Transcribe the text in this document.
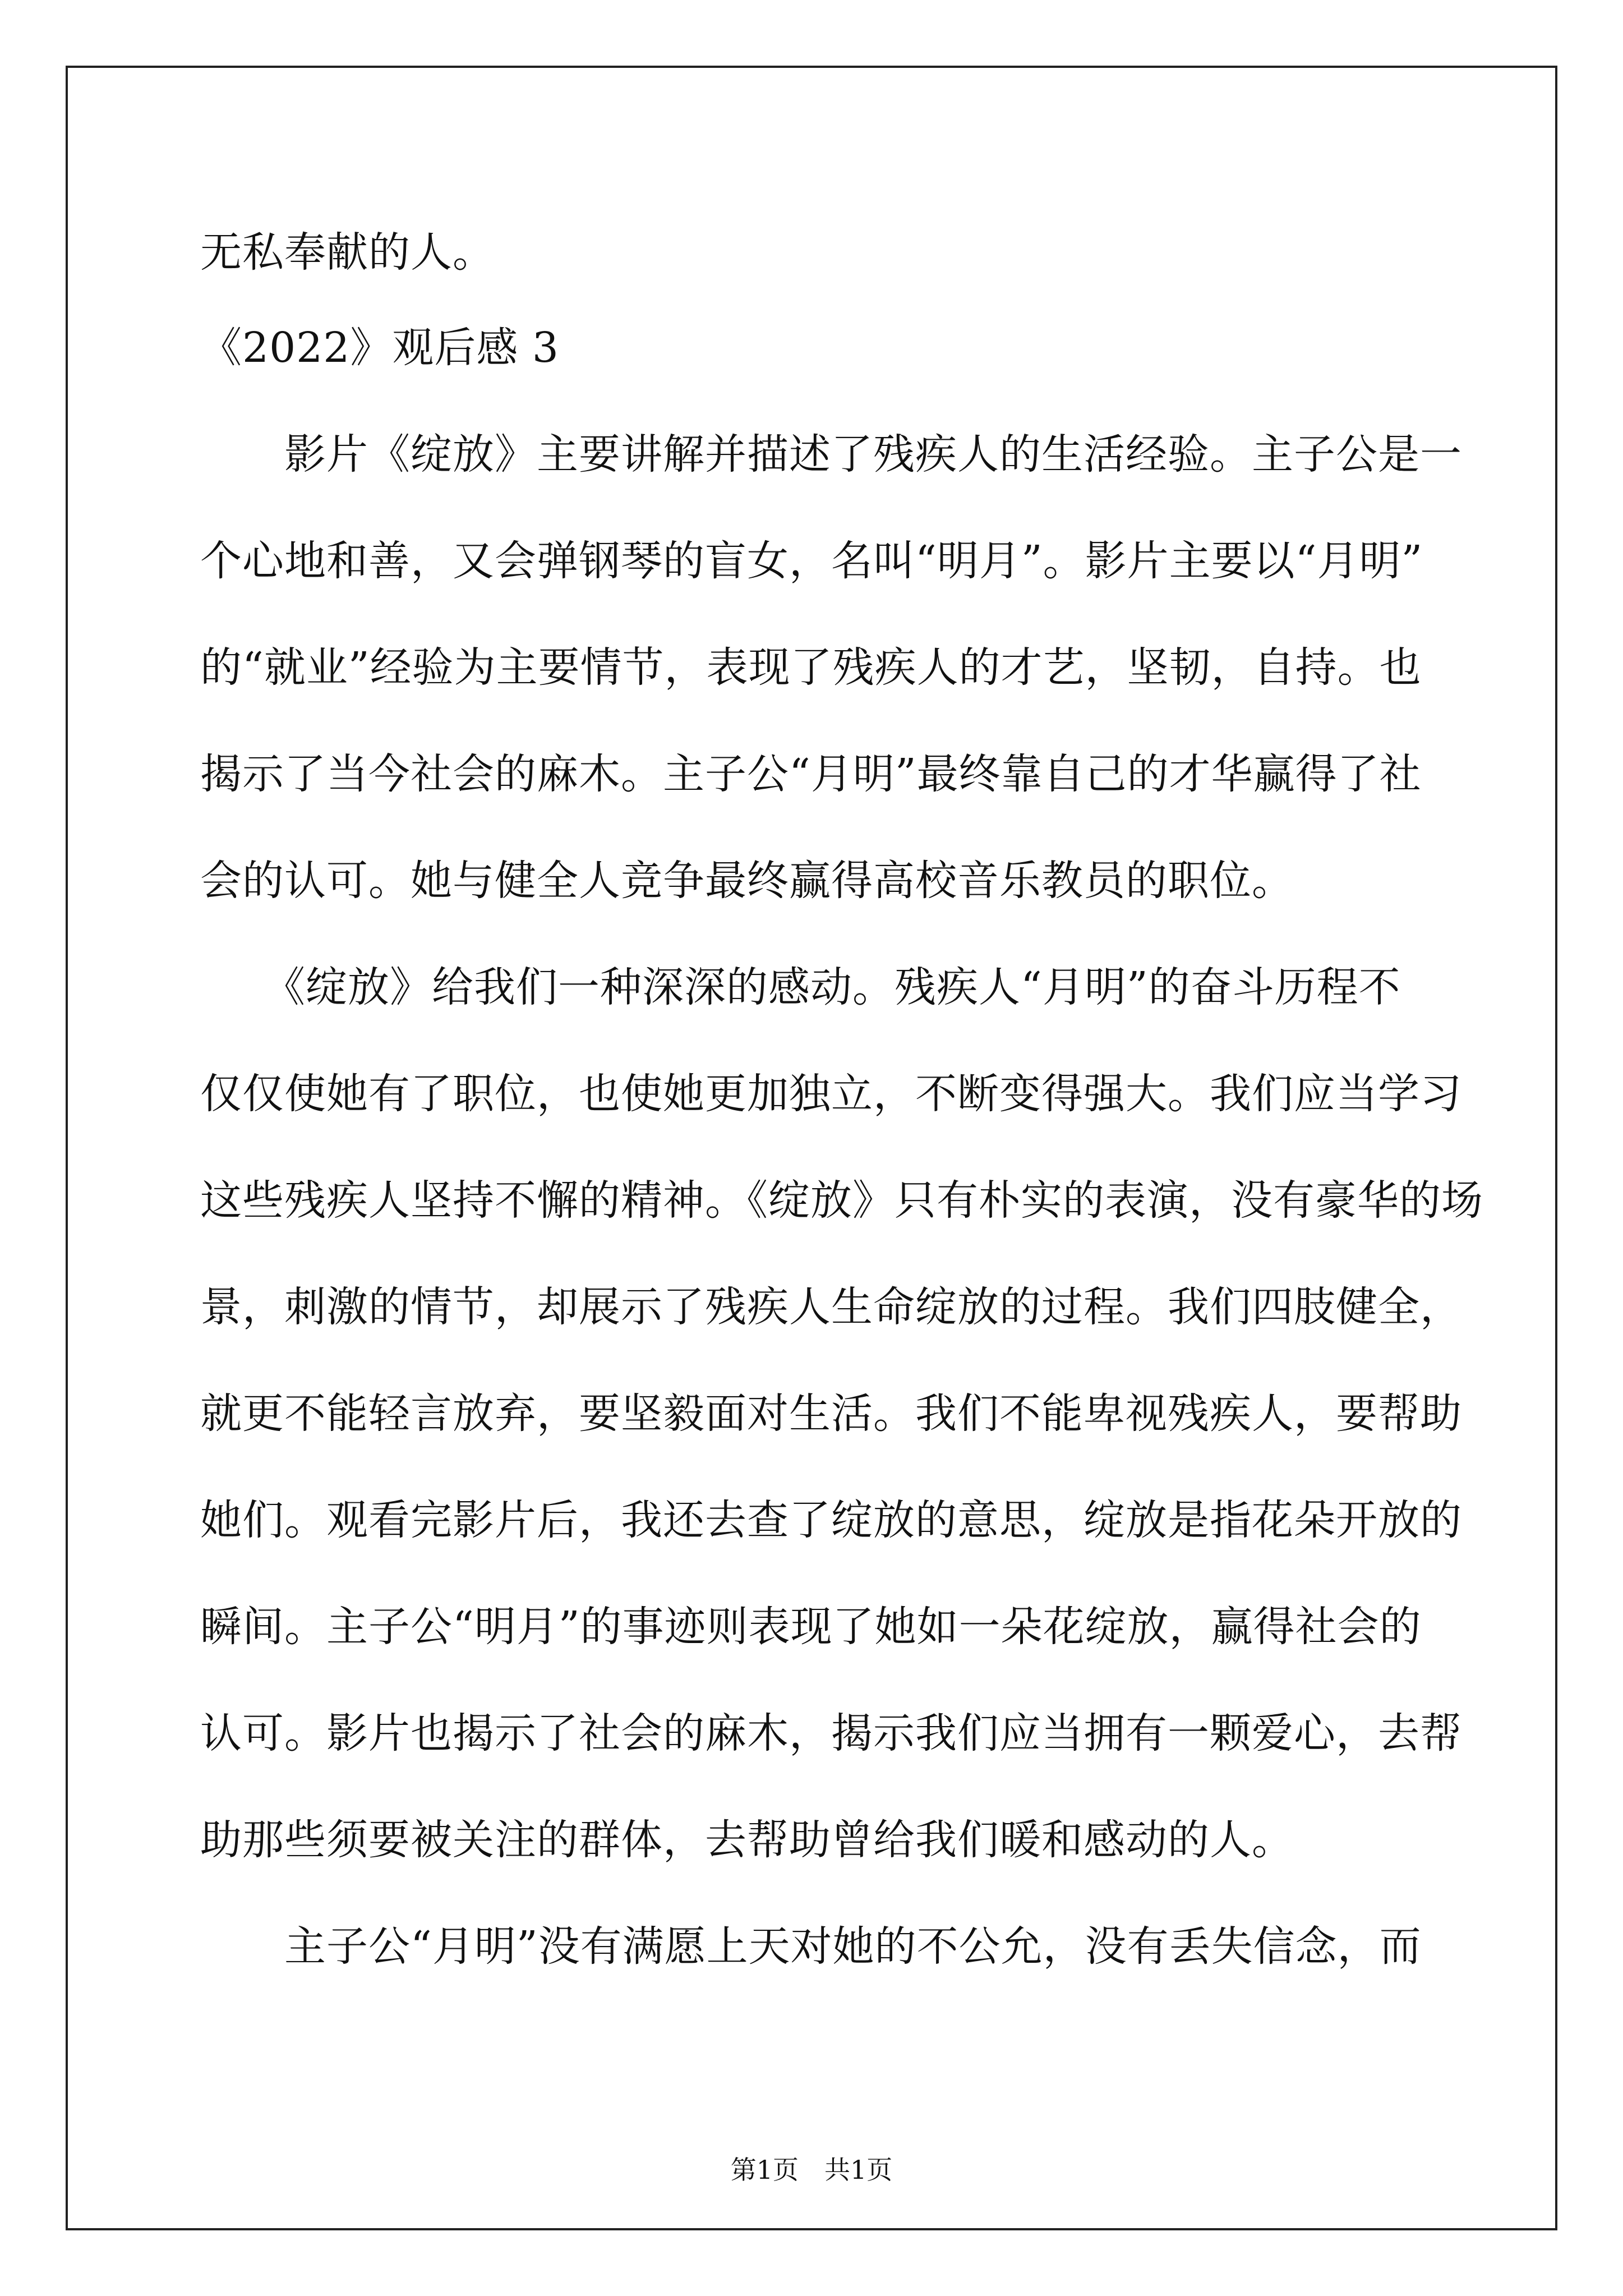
无私奉献的人。
《2022》观后感 3
　　影片《绽放》主要讲解并描述了残疾人的生活经验。主子公是一
个心地和善，又会弹钢琴的盲女，名叫“明月”。影片主要以“月明”
的“就业”经验为主要情节，表现了残疾人的才艺，坚韧，自持。也
揭示了当今社会的麻木。主子公“月明”最终靠自己的才华赢得了社
会的认可。她与健全人竞争最终赢得高校音乐教员的职位。
　　《绽放》给我们一种深深的感动。残疾人“月明”的奋斗历程不
仅仅使她有了职位，也使她更加独立，不断变得强大。我们应当学习
这些残疾人坚持不懈的精神。《绽放》只有朴实的表演，没有豪华的场
景，刺激的情节，却展示了残疾人生命绽放的过程。我们四肢健全，
就更不能轻言放弃，要坚毅面对生活。我们不能卑视残疾人，要帮助
她们。观看完影片后，我还去查了绽放的意思，绽放是指花朵开放的
瞬间。主子公“明月”的事迹则表现了她如一朵花绽放，赢得社会的
认可。影片也揭示了社会的麻木，揭示我们应当拥有一颗爱心，去帮
助那些须要被关注的群体，去帮助曾给我们暖和感动的人。
　　主子公“月明”没有满愿上天对她的不公允，没有丢失信念，而
第1页　共1页
